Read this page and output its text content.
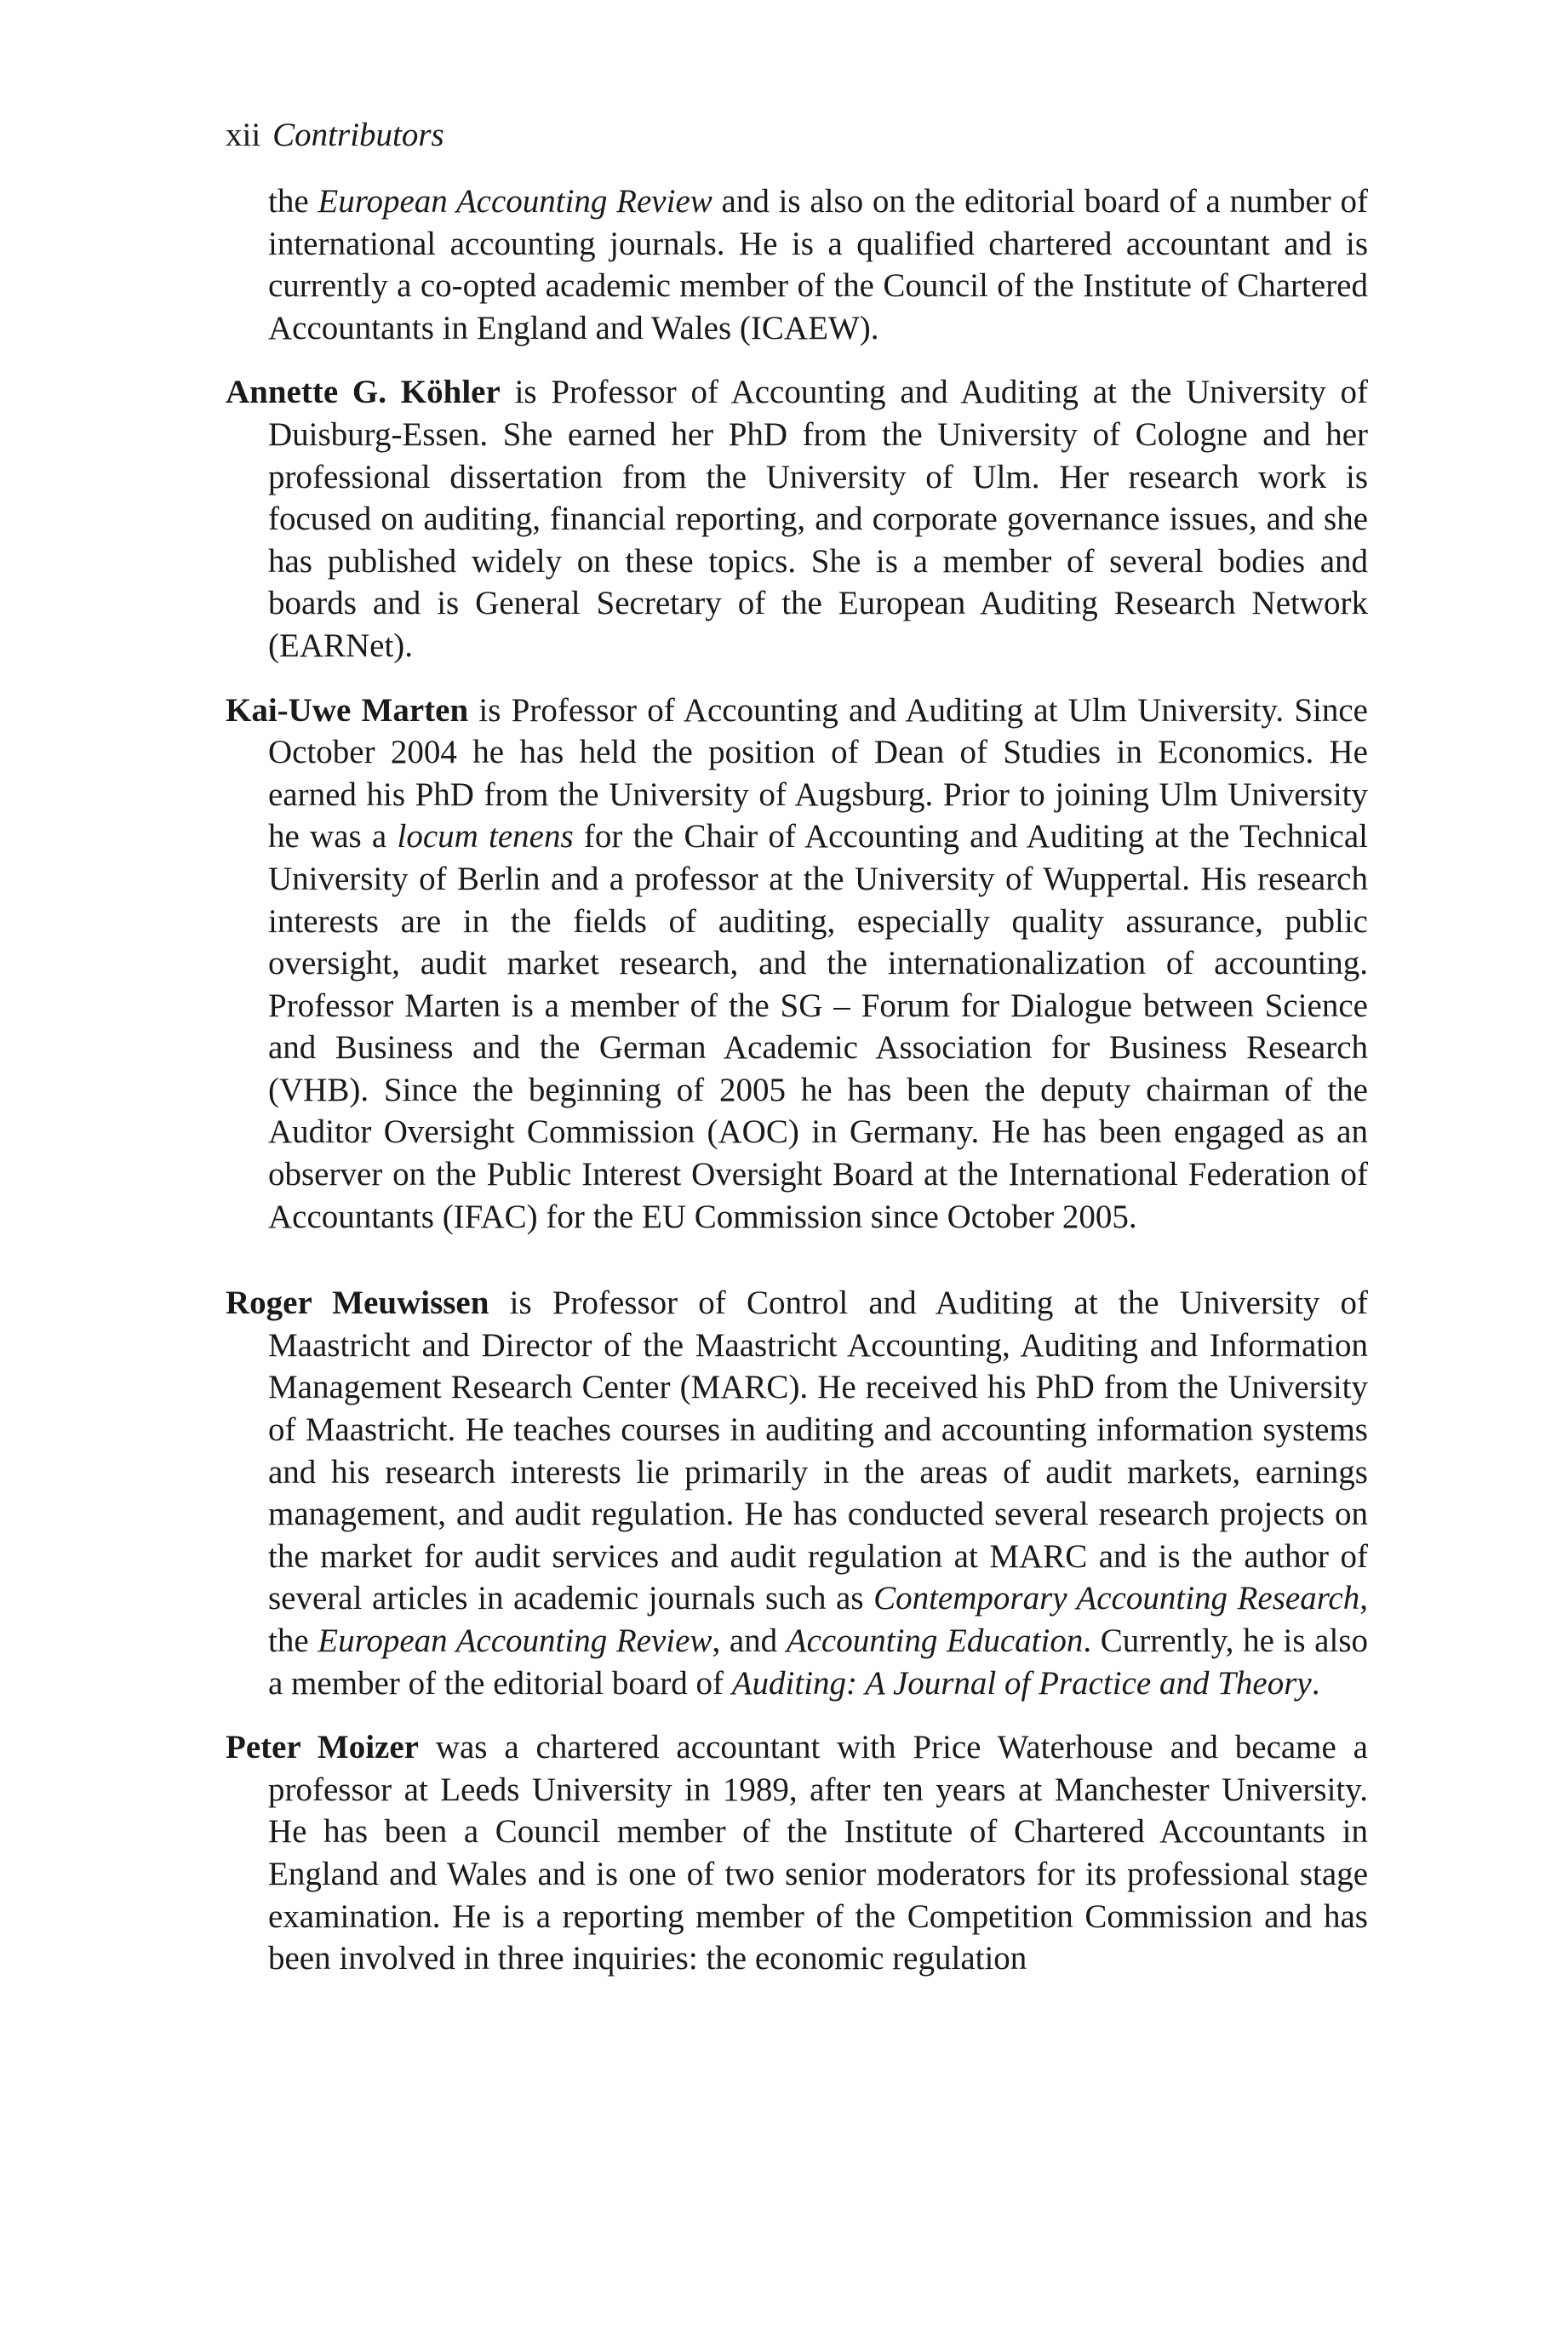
xii Contributors

the European Accounting Review and is also on the editorial board of a number of international accounting journals. He is a qualified chartered accountant and is currently a co-opted academic member of the Council of the Institute of Chartered Accountants in England and Wales (ICAEW).

Annette G. Köhler is Professor of Accounting and Auditing at the University of Duisburg-Essen. She earned her PhD from the University of Cologne and her professional dissertation from the University of Ulm. Her research work is focused on auditing, financial reporting, and corporate governance issues, and she has published widely on these topics. She is a member of several bodies and boards and is General Secretary of the European Auditing Research Network (EARNet).

Kai-Uwe Marten is Professor of Accounting and Auditing at Ulm University. Since October 2004 he has held the position of Dean of Studies in Economics. He earned his PhD from the University of Augsburg. Prior to joining Ulm University he was a locum tenens for the Chair of Accounting and Auditing at the Technical University of Berlin and a professor at the University of Wuppertal. His research interests are in the fields of auditing, especially quality assurance, public oversight, audit market research, and the internationalization of accounting. Professor Marten is a member of the SG – Forum for Dialogue between Science and Business and the German Academic Association for Business Research (VHB). Since the beginning of 2005 he has been the deputy chairman of the Auditor Oversight Commission (AOC) in Germany. He has been engaged as an observer on the Public Interest Oversight Board at the International Federation of Accountants (IFAC) for the EU Commission since October 2005.

Roger Meuwissen is Professor of Control and Auditing at the University of Maastricht and Director of the Maastricht Accounting, Auditing and Information Management Research Center (MARC). He received his PhD from the University of Maastricht. He teaches courses in auditing and accounting information systems and his research interests lie primarily in the areas of audit markets, earnings management, and audit regulation. He has conducted several research projects on the market for audit services and audit regulation at MARC and is the author of several articles in academic journals such as Contemporary Accounting Research, the European Accounting Review, and Accounting Education. Currently, he is also a member of the editorial board of Auditing: A Journal of Practice and Theory.

Peter Moizer was a chartered accountant with Price Waterhouse and became a professor at Leeds University in 1989, after ten years at Manchester University. He has been a Council member of the Institute of Chartered Accountants in England and Wales and is one of two senior moderators for its professional stage examination. He is a reporting member of the Competition Commission and has been involved in three inquiries: the economic regulation
